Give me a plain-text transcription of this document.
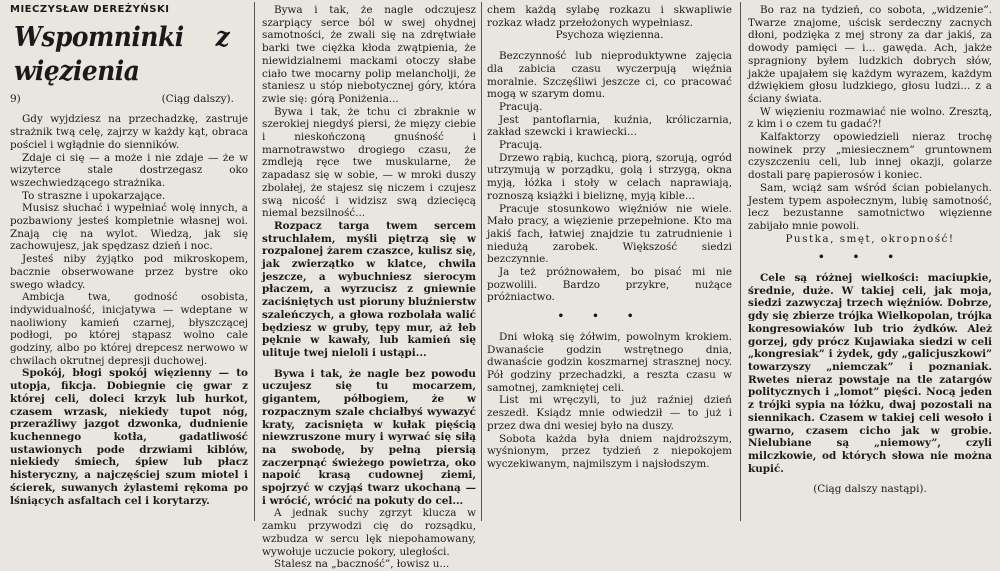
MIECZYSŁAW DEREŻYŃSKI
Wspomninki z więzienia
9)	(Ciąg dalszy).

Gdy wyjdziesz na przechadzkę, zastruje strażnik twą celę, zajrzy w każdy kąt, obraca pościel i wgłądnie do sienników.

Zdaje ci się — a może i nie zdaje — że w wizyterce stale dostrzegasz oko wszechwiedzącego strażnika.

To straszne i upokarzające.

Musisz słuchać i wypełniać wolę innych, a pozbawiony jesteś kompletnie własnej woi. Znają cię na wylot. Wiedzą, jak się zachowujesz, jak spędzasz dzień i noc.

Jesteś niby żyjątko pod mikroskopem, bacznie obserwowane przez bystre oko swego władcy.

Ambicja twa, godność osobista, indywidualność, inicjatywa — wdeptane w naoliwiony kamień czarnej, błyszczącej podłogi, po której stąpasz wolno cale godziny, albo po której drepcesz nerwowo w chwilach okrutnej depresji duchowej.

Spokój, błogi spokój więzienny — to utopja, fikcja. Dobiegnie cię gwar z której celi, doleci krzyk lub hurkot, czasem wrzask, niekiedy tupot nóg, przeraźliwy jazgot dzwonka, dudnienie kuchennego kotła, gadatliwość ustawionych pode drzwiami kiblów, niekiedy śmiech, śpiew lub płacz histeryczny, a najczęściej szum miotel i ścierek, suwanych żylastemi rękoma po lśniących asfaltach cel i korytarzy.

Bywa i tak, że nagle odczujesz szarpiący serce ból w swej ohydnej samotności, że zwali się na zdrętwiałe barki twe ciężka kłoda zwątpienia, że niewidzialnemi mackami otoczy słabe ciało twe mocarny polip melancholji, że staniesz u stóp niebotycznej góry, która zwie się: górą Poniżenia...

Bywa i tak, że tchu ci zbraknie w szerokiej niegdyś piersi, że mięzy ciebie i nieskończoną gnuśność i marnotrawstwo drogiego czasu, że zmdleją ręce twe muskularne, że zapadasz się w sobie, — w mroki duszy zbolałej, że stajesz się niczem i czujesz swą nicość i widzisz swą dziecięcą niemal bezsilność...

Rozpacz targa twem sercem struchlałem, myśli piętrzą się w rozpalonej żarem czaszce, kulisz się, jak zwierzątko w klatce, chwila jeszcze, a wybuchniesz sierocym płaczem, a wyrzucisz z gniewnie zaciśniętych ust pioruny bluźnierstw szaleńczych, a głowa rozbolała walić będziesz w gruby, tępy mur, aż łeb pęknie w kawały, lub kamień się ulituje twej nieloli i ustąpi...

Bywa i tak, że nagle bez powodu uczujesz się tu mocarzem, gigantem, półbogiem, że w rozpacznym szale chciałbyś wywazyć kraty, zacisnięta w kułak pięścią niewzruszone mury i wyrwać się siłą na swobodę, by pełną piersią zaczerpnąć świeżego powietrza, oko napoić krasą cudownej ziemi, spojrzyć w czyjąś twarz ukochaną — i wrócić, wrócić na pokuty do cel...

A jednak suchy zgrzyt klucza w zamku przywodzi cię do rozsądku, wzbudza w sercu lęk niepohamowany, wywołuje uczucie pokory, uległości.

Stalesz na „baczność”, łowisz u...

chem każdą sylabę rozkazu i skwapliwie rozkaz władz przełożonych wypełniasz.

Psychoza więzienna.

Bezczynność lub nieproduktywne zajęcia dla zabicia czasu wyczerpują więźnia moralnie. Szczęśliwi jeszcze ci, co pracować mogą w szarym domu.

Pracują.

Jest pantoflarnia, kuźnia, króliczarnia, zakład szewcki i krawiecki...

Pracują.

Drzewo rąbią, kuchcą, piorą, szorują, ogród utrzymują w porządku, golą i strzygą, okna myją, łóżka i stoły w celach naprawiają, roznoszą książki i bieliznę, myją kible...

Pracuje stosunkowo więźniów nie wiele. Mało pracy, a więzienie przepełnione. Kto ma jakiś fach, łatwiej znajdzie tu zatrudnienie i niedużą zarobek. Większość siedzi bezczynnie.

Ja też próżnowałem, bo pisać mi nie pozwolili. Bardzo przykre, nużące próżniactwo.

•••

Dni włoką się żółwim, powolnym krokiem. Dwanaście godzin wstrętnego dnia, dwanaście godzin koszmarnej strasznej nocy. Pół godziny przechadzki, a reszta czasu w samotnej, zamkniętej celi.

List mi wręczyli, to już raźniej dzień zeszedł. Ksiądz mnie odwiedził — to już i przez dwa dni wesiej było na duszy.

Sobota każda była dniem najdroższym, wyśnionym, przez tydzień z niepokojem wyczekiwanym, najmilszym i najsłodszym.

Bo raz na tydzień, co sobota, „widzenie”. Twarze znajome, uścisk serdeczny zacnych dłoni, podzięka z mej strony za dar jakiś, za dowody pamięci — i... gawęda. Ach, jakże spragniony byłem ludzkich dobrych słów, jakże upajałem się każdym wyrazem, każdym dźwiękiem głosu ludzkiego, głosu ludzi... z a ściany świata.

W więzieniu rozmawiać nie wolno. Zresztą, z kim i o czem tu gadać?!

Kalfaktorzy opowiedzieli nieraz trochę nowinek przy „miesiecznem” gruntownem czyszczeniu celi, lub innej okazji, golarze dostali parę papierosów i koniec.

Sam, wciąż sam wśród ścian pobielanych. Jestem typem aspołecznym, lubię samotność, lecz bezustanne samotnictwo więzienne zabijało mnie powoli.

Pustka, smęt, okropność!

•••

Cele są różnej wielkości: maciupkie, średnie, duże. W takiej celi, jak moja, siedzi zazwyczaj trzech więźniów. Dobrze, gdy się zbierze trójka Wielkopolan, trójka kongresowiaków lub trio żydków. Ależ gorzej, gdy prócz Kujawiaka siedzi w celi „kongresiak” i żydek, gdy „galicjuszkowi” towarzyszy „niemczak” i poznaniak. Rwetes nieraz powstaje na tle zatargów politycznych i „lomot” pięści. Nocą jeden z trójki sypia na łóżku, dwaj pozostali na siennikach. Czasem w takiej celi wesoło i gwarno, czasem cicho jak w grobie. Nielubiane są „niemowy”, czyli milczkowie, od których słowa nie można kupić.

(Ciąg dalszy nastąpi).
